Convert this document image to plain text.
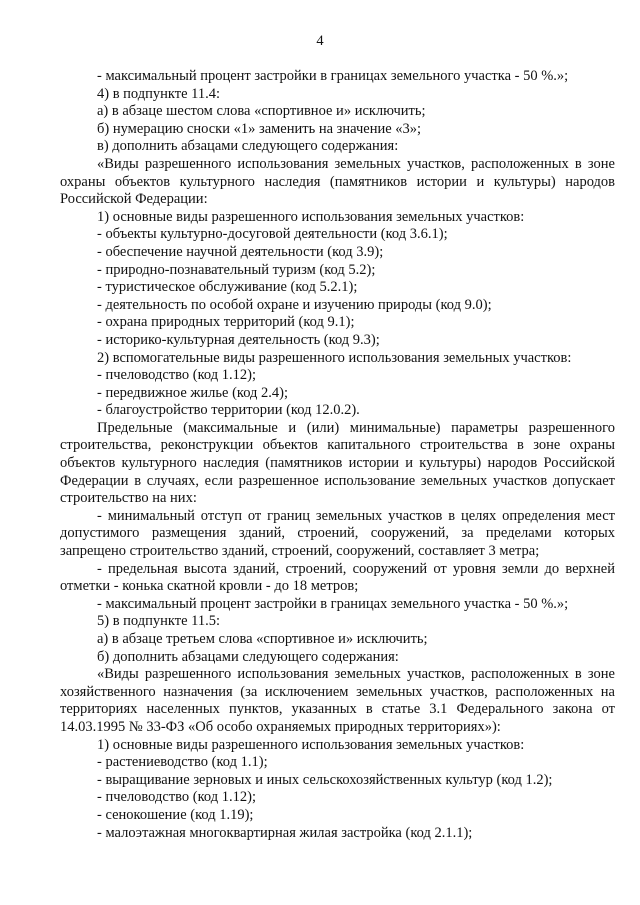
4

- максимальный процент застройки в границах земельного участка - 50 %.»;

4) в подпункте 11.4:

а) в абзаце шестом слова «спортивное и» исключить;

б) нумерацию сноски «1» заменить на значение «3»;

в) дополнить абзацами следующего содержания:

«Виды разрешенного использования земельных участков, расположенных в зоне охраны объектов культурного наследия (памятников истории и культуры) народов Российской Федерации:

1) основные виды разрешенного использования земельных участков:

- объекты культурно-досуговой деятельности (код 3.6.1);

- обеспечение научной деятельности (код 3.9);

- природно-познавательный туризм (код 5.2);

- туристическое обслуживание (код 5.2.1);

- деятельность по особой охране и изучению природы (код 9.0);

- охрана природных территорий (код 9.1);

- историко-культурная деятельность (код 9.3);

2) вспомогательные виды разрешенного использования земельных участков:

- пчеловодство (код 1.12);

- передвижное жилье (код 2.4);

- благоустройство территории (код 12.0.2).

Предельные (максимальные и (или) минимальные) параметры разрешенного строительства, реконструкции объектов капитального строительства в зоне охраны объектов культурного наследия (памятников истории и культуры) народов Российской Федерации в случаях, если разрешенное использование земельных участков допускает строительство на них:

- минимальный отступ от границ земельных участков в целях определения мест допустимого размещения зданий, строений, сооружений, за пределами которых запрещено строительство зданий, строений, сооружений, составляет 3 метра;

- предельная высота зданий, строений, сооружений от уровня земли до верхней отметки - конька скатной кровли - до 18 метров;

- максимальный процент застройки в границах земельного участка - 50 %.»;

5) в подпункте 11.5:

а) в абзаце третьем слова «спортивное и» исключить;

б) дополнить абзацами следующего содержания:

«Виды разрешенного использования земельных участков, расположенных в зоне хозяйственного назначения (за исключением земельных участков, расположенных на территориях населенных пунктов, указанных в статье 3.1 Федерального закона от 14.03.1995 № 33-ФЗ «Об особо охраняемых природных территориях»):

1) основные виды разрешенного использования земельных участков:

- растениеводство (код 1.1);

- выращивание зерновых и иных сельскохозяйственных культур (код 1.2);

- пчеловодство (код 1.12);

- сенокошение (код 1.19);

- малоэтажная многоквартирная жилая застройка (код 2.1.1);
